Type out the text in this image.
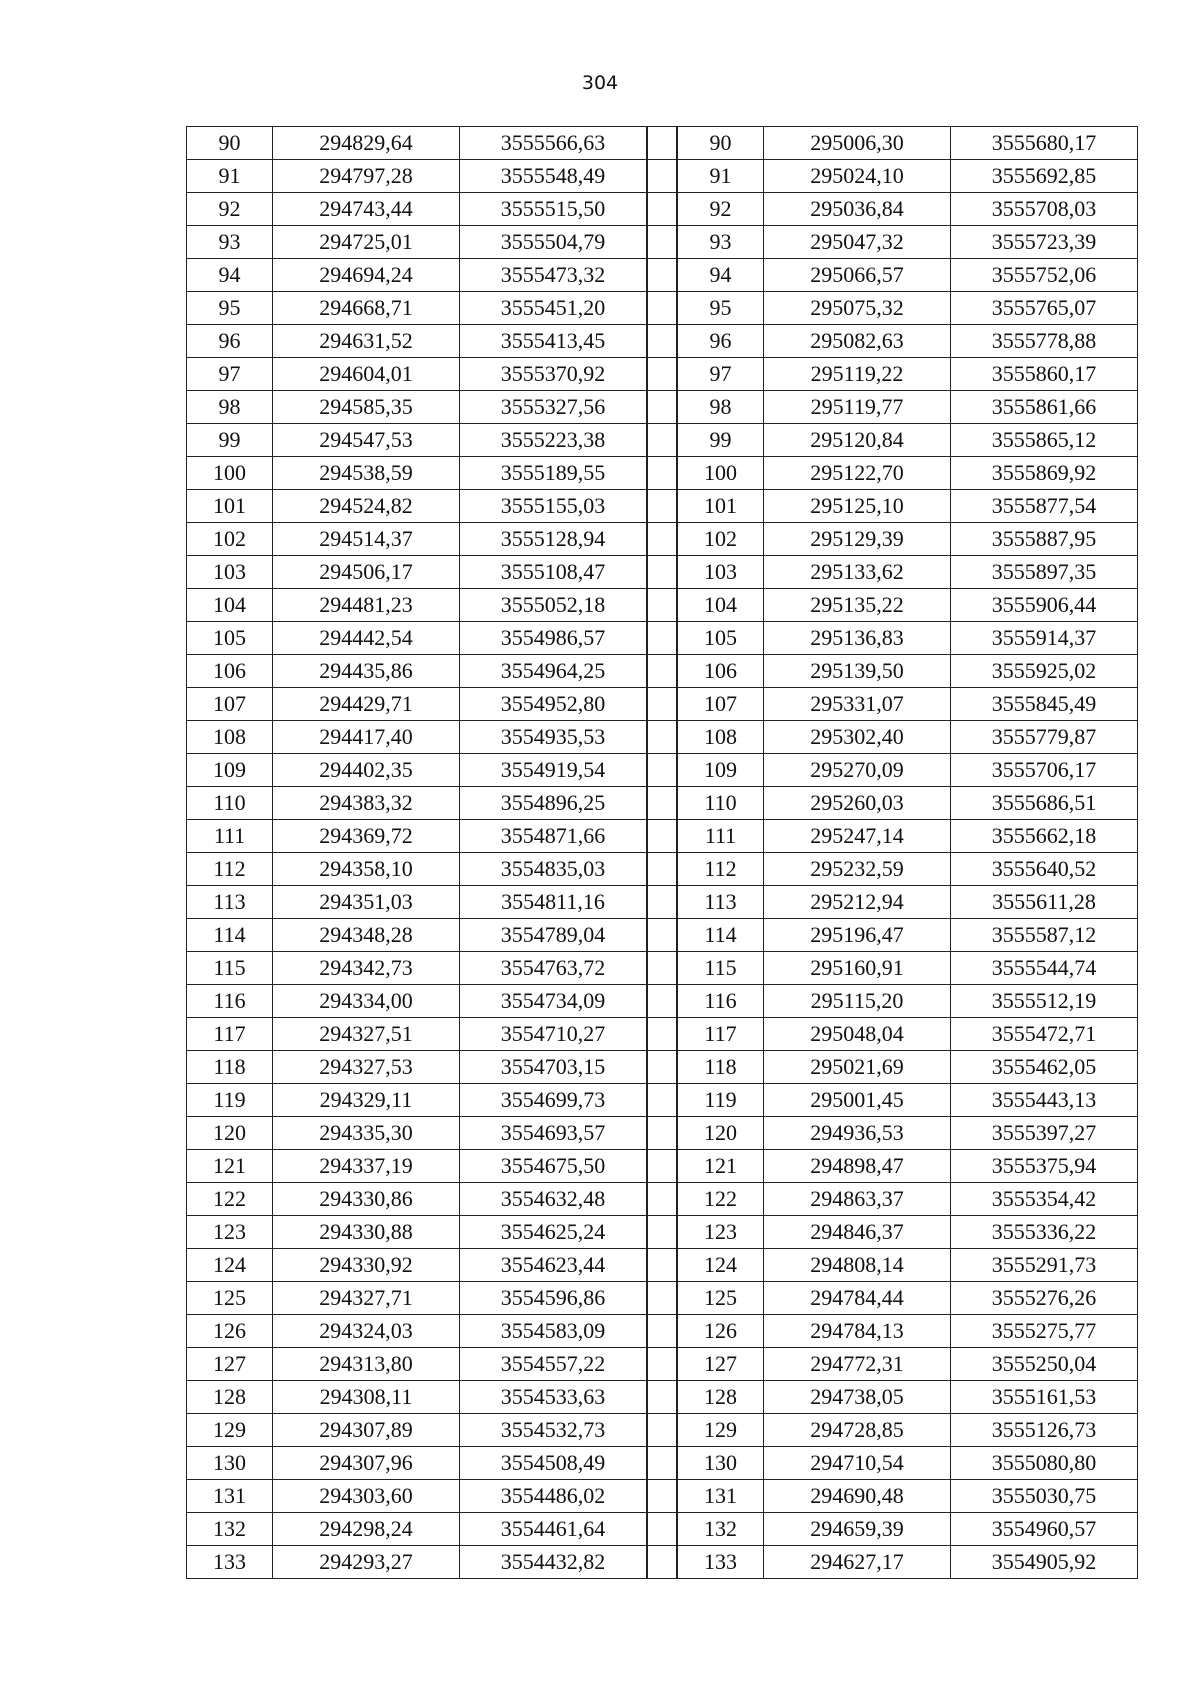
304
90	294829,64	3555566,63
91	294797,28	3555548,49
92	294743,44	3555515,50
93	294725,01	3555504,79
94	294694,24	3555473,32
95	294668,71	3555451,20
96	294631,52	3555413,45
97	294604,01	3555370,92
98	294585,35	3555327,56
99	294547,53	3555223,38
100	294538,59	3555189,55
101	294524,82	3555155,03
102	294514,37	3555128,94
103	294506,17	3555108,47
104	294481,23	3555052,18
105	294442,54	3554986,57
106	294435,86	3554964,25
107	294429,71	3554952,80
108	294417,40	3554935,53
109	294402,35	3554919,54
110	294383,32	3554896,25
111	294369,72	3554871,66
112	294358,10	3554835,03
113	294351,03	3554811,16
114	294348,28	3554789,04
115	294342,73	3554763,72
116	294334,00	3554734,09
117	294327,51	3554710,27
118	294327,53	3554703,15
119	294329,11	3554699,73
120	294335,30	3554693,57
121	294337,19	3554675,50
122	294330,86	3554632,48
123	294330,88	3554625,24
124	294330,92	3554623,44
125	294327,71	3554596,86
126	294324,03	3554583,09
127	294313,80	3554557,22
128	294308,11	3554533,63
129	294307,89	3554532,73
130	294307,96	3554508,49
131	294303,60	3554486,02
132	294298,24	3554461,64
133	294293,27	3554432,82

90	295006,30	3555680,17
91	295024,10	3555692,85
92	295036,84	3555708,03
93	295047,32	3555723,39
94	295066,57	3555752,06
95	295075,32	3555765,07
96	295082,63	3555778,88
97	295119,22	3555860,17
98	295119,77	3555861,66
99	295120,84	3555865,12
100	295122,70	3555869,92
101	295125,10	3555877,54
102	295129,39	3555887,95
103	295133,62	3555897,35
104	295135,22	3555906,44
105	295136,83	3555914,37
106	295139,50	3555925,02
107	295331,07	3555845,49
108	295302,40	3555779,87
109	295270,09	3555706,17
110	295260,03	3555686,51
111	295247,14	3555662,18
112	295232,59	3555640,52
113	295212,94	3555611,28
114	295196,47	3555587,12
115	295160,91	3555544,74
116	295115,20	3555512,19
117	295048,04	3555472,71
118	295021,69	3555462,05
119	295001,45	3555443,13
120	294936,53	3555397,27
121	294898,47	3555375,94
122	294863,37	3555354,42
123	294846,37	3555336,22
124	294808,14	3555291,73
125	294784,44	3555276,26
126	294784,13	3555275,77
127	294772,31	3555250,04
128	294738,05	3555161,53
129	294728,85	3555126,73
130	294710,54	3555080,80
131	294690,48	3555030,75
132	294659,39	3554960,57
133	294627,17	3554905,92
